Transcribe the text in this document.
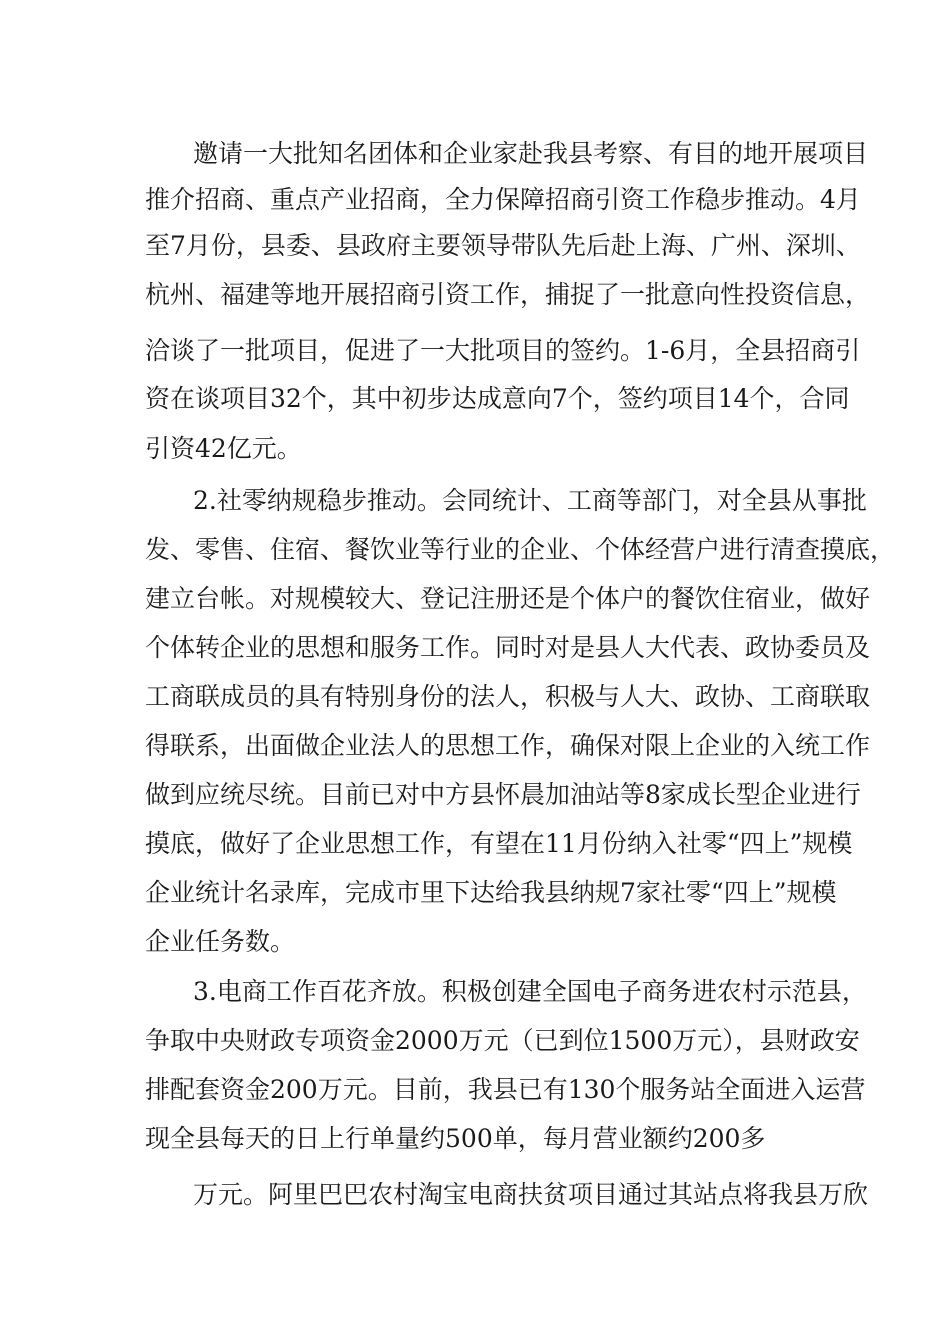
邀请一大批知名团体和企业家赴我县考察、有目的地开展项目
推介招商、重点产业招商，全力保障招商引资工作稳步推动。4月
至7月份，县委、县政府主要领导带队先后赴上海、广州、深圳、
杭州、福建等地开展招商引资工作，捕捉了一批意向性投资信息，
洽谈了一批项目，促进了一大批项目的签约。1-6月，全县招商引
资在谈项目32个，其中初步达成意向7个，签约项目14个，合同
引资42亿元。
2.社零纳规稳步推动。会同统计、工商等部门，对全县从事批
发、零售、住宿、餐饮业等行业的企业、个体经营户进行清查摸底，
建立台帐。对规模较大、登记注册还是个体户的餐饮住宿业，做好
个体转企业的思想和服务工作。同时对是县人大代表、政协委员及
工商联成员的具有特别身份的法人，积极与人大、政协、工商联取
得联系，出面做企业法人的思想工作，确保对限上企业的入统工作
做到应统尽统。目前已对中方县怀晨加油站等8家成长型企业进行
摸底，做好了企业思想工作，有望在11月份纳入社零“四上”规模
企业统计名录库，完成市里下达给我县纳规7家社零“四上”规模
企业任务数。
3.电商工作百花齐放。积极创建全国电子商务进农村示范县，
争取中央财政专项资金2000万元（已到位1500万元），县财政安
排配套资金200万元。目前，我县已有130个服务站全面进入运营
现全县每天的日上行单量约500单，每月营业额约200多
万元。阿里巴巴农村淘宝电商扶贫项目通过其站点将我县万欣
